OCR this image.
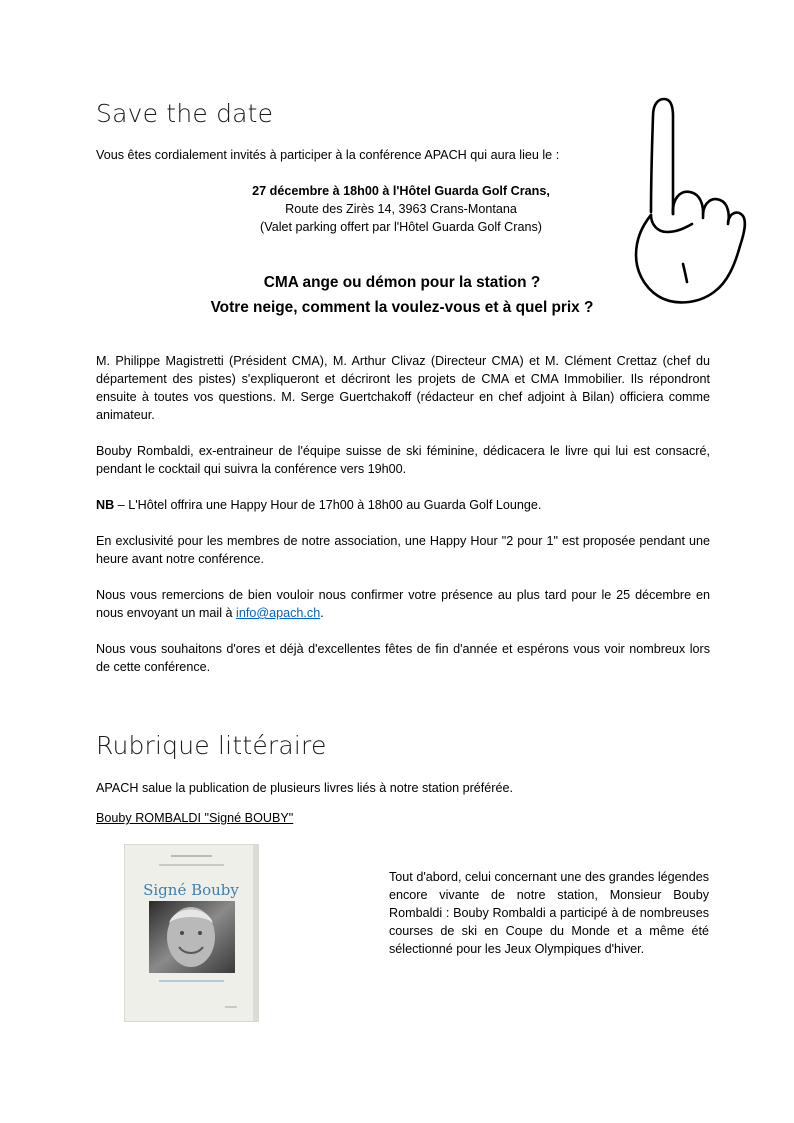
Save the date
Vous êtes cordialement invités à participer à la conférence APACH qui aura lieu le :
27 décembre à 18h00 à l'Hôtel Guarda Golf Crans,
Route des Zirès 14, 3963 Crans-Montana
(Valet parking offert par l'Hôtel Guarda Golf Crans)
CMA ange ou démon pour la station ?
Votre neige, comment la voulez-vous et à quel prix ?
M. Philippe Magistretti (Président CMA), M. Arthur Clivaz (Directeur CMA) et M. Clément Crettaz (chef du département des pistes) s'expliqueront et décriront les projets de CMA et CMA Immobilier. Ils répondront ensuite à toutes vos questions. M. Serge Guertchakoff (rédacteur en chef adjoint à Bilan) officiera comme animateur.
Bouby Rombaldi, ex-entraineur de l'équipe suisse de ski féminine, dédicacera le livre qui lui est consacré, pendant le cocktail qui suivra la conférence vers 19h00.
NB – L'Hôtel offrira une Happy Hour de 17h00 à 18h00 au Guarda Golf Lounge.
En exclusivité pour les membres de notre association, une Happy Hour "2 pour 1" est proposée pendant une heure avant notre conférence.
Nous vous remercions de bien vouloir nous confirmer votre présence au plus tard pour le 25 décembre en nous envoyant un mail à info@apach.ch.
Nous vous souhaitons d'ores et déjà d'excellentes fêtes de fin d'année et espérons vous voir nombreux lors de cette conférence.
Rubrique littéraire
APACH salue la publication de plusieurs livres liés à notre station préférée.
Bouby ROMBALDI "Signé BOUBY"
Signé Bouby
Tout d'abord, celui concernant une des grandes légendes encore vivante de notre station, Monsieur Bouby Rombaldi : Bouby Rombaldi a participé à de nombreuses courses de ski en Coupe du Monde et a même été sélectionné pour les Jeux Olympiques d'hiver.
